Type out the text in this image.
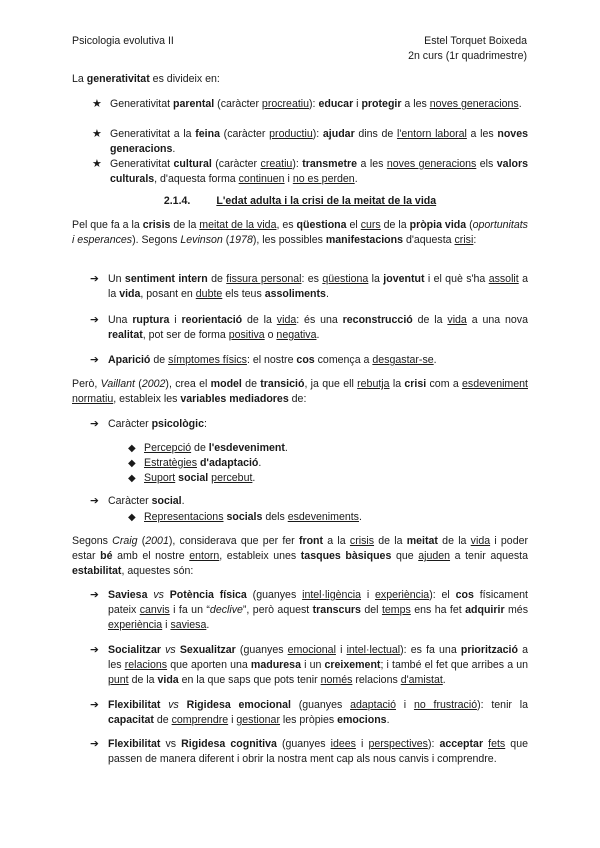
Psicologia evolutiva II	Estel Torquet Boixeda
2n curs (1r quadrimestre)
La generativitat es divideix en:
★ Generativitat parental (caràcter procreatiu): educar i protegir a les noves generacions.
★ Generativitat a la feina (caràcter productiu): ajudar dins de l'entorn laboral a les noves generacions.
★ Generativitat cultural (caràcter creatiu): transmetre a les noves generacions els valors culturals, d'aquesta forma continuen i no es perden.
2.1.4. L'edat adulta i la crisi de la meitat de la vida
Pel que fa a la crisis de la meitat de la vida, es qüestiona el curs de la pròpia vida (oportunitats i esperances). Segons Levinson (1978), les possibles manifestacions d'aquesta crisi:
➔ Un sentiment intern de fissura personal: es qüestiona la joventut i el què s'ha assolit a la vida, posant en dubte els teus assoliments.
➔ Una ruptura i reorientació de la vida: és una reconstrucció de la vida a una nova realitat, pot ser de forma positiva o negativa.
➔ Aparició de símptomes físics: el nostre cos comença a desgastar-se.
Però, Vaillant (2002), crea el model de transició, ja que ell rebutja la crisi com a esdeveniment normatiu, estableix les variables mediadores de:
➔ Caràcter psicològic:
◆ Percepció de l'esdeveniment.
◆ Estratègies d'adaptació.
◆ Suport social percebut.
➔ Caràcter social.
◆ Representacions socials dels esdeveniments.
Segons Craig (2001), considerava que per fer front a la crisis de la meitat de la vida i poder estar bé amb el nostre entorn, estableix unes tasques bàsiques que ajuden a tenir aquesta estabilitat, aquestes són:
➔ Saviesa vs Potència física (guanyes intel·ligència i experiència): el cos físicament pateix canvis i fa un “declive”, però aquest transcurs del temps ens ha fet adquirir més experiència i saviesa.
➔ Socialitzar vs Sexualitzar (guanyes emocional i intel·lectual): es fa una priorització a les relacions que aporten una maduresa i un creixement; i també el fet que arribes a un punt de la vida en la que saps que pots tenir només relacions d'amistat.
➔ Flexibilitat vs Rigidesa emocional (guanyes adaptació i no frustració): tenir la capacitat de comprendre i gestionar les pròpies emocions.
➔ Flexibilitat vs Rigidesa cognitiva (guanyes idees i perspectives): acceptar fets que passen de manera diferent i obrir la nostra ment cap als nous canvis i comprendre.
